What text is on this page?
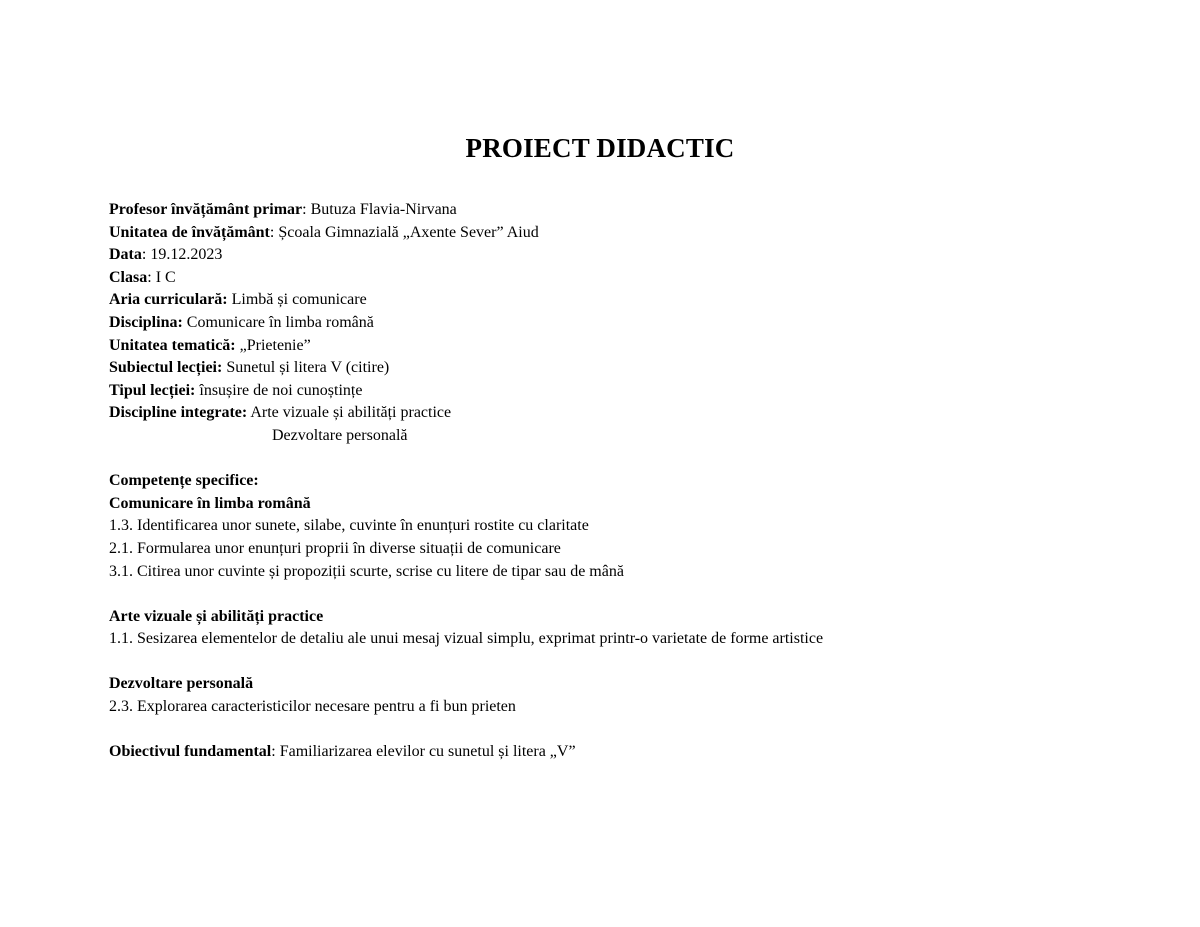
PROIECT DIDACTIC
Profesor învățământ primar: Butuza Flavia-Nirvana
Unitatea de învățământ: Școala Gimnazială „Axente Sever” Aiud
Data: 19.12.2023
Clasa: I C
Aria curriculară: Limbă și comunicare
Disciplina: Comunicare în limba română
Unitatea tematică: „Prietenie”
Subiectul lecției: Sunetul și litera V (citire)
Tipul lecției: însușire de noi cunoștințe
Discipline integrate: Arte vizuale și abilități practice
Dezvoltare personală
Competențe specifice:
Comunicare în limba română
1.3. Identificarea unor sunete, silabe, cuvinte în enunțuri rostite cu claritate
2.1. Formularea unor enunțuri proprii în diverse situații de comunicare
3.1. Citirea unor cuvinte și propoziții scurte, scrise cu litere de tipar sau de mână
Arte vizuale și abilități practice
1.1. Sesizarea elementelor de detaliu ale unui mesaj vizual simplu, exprimat printr-o varietate de forme artistice
Dezvoltare personală
2.3. Explorarea caracteristicilor necesare pentru a fi bun prieten
Obiectivul fundamental: Familiarizarea elevilor cu sunetul și litera „V”
